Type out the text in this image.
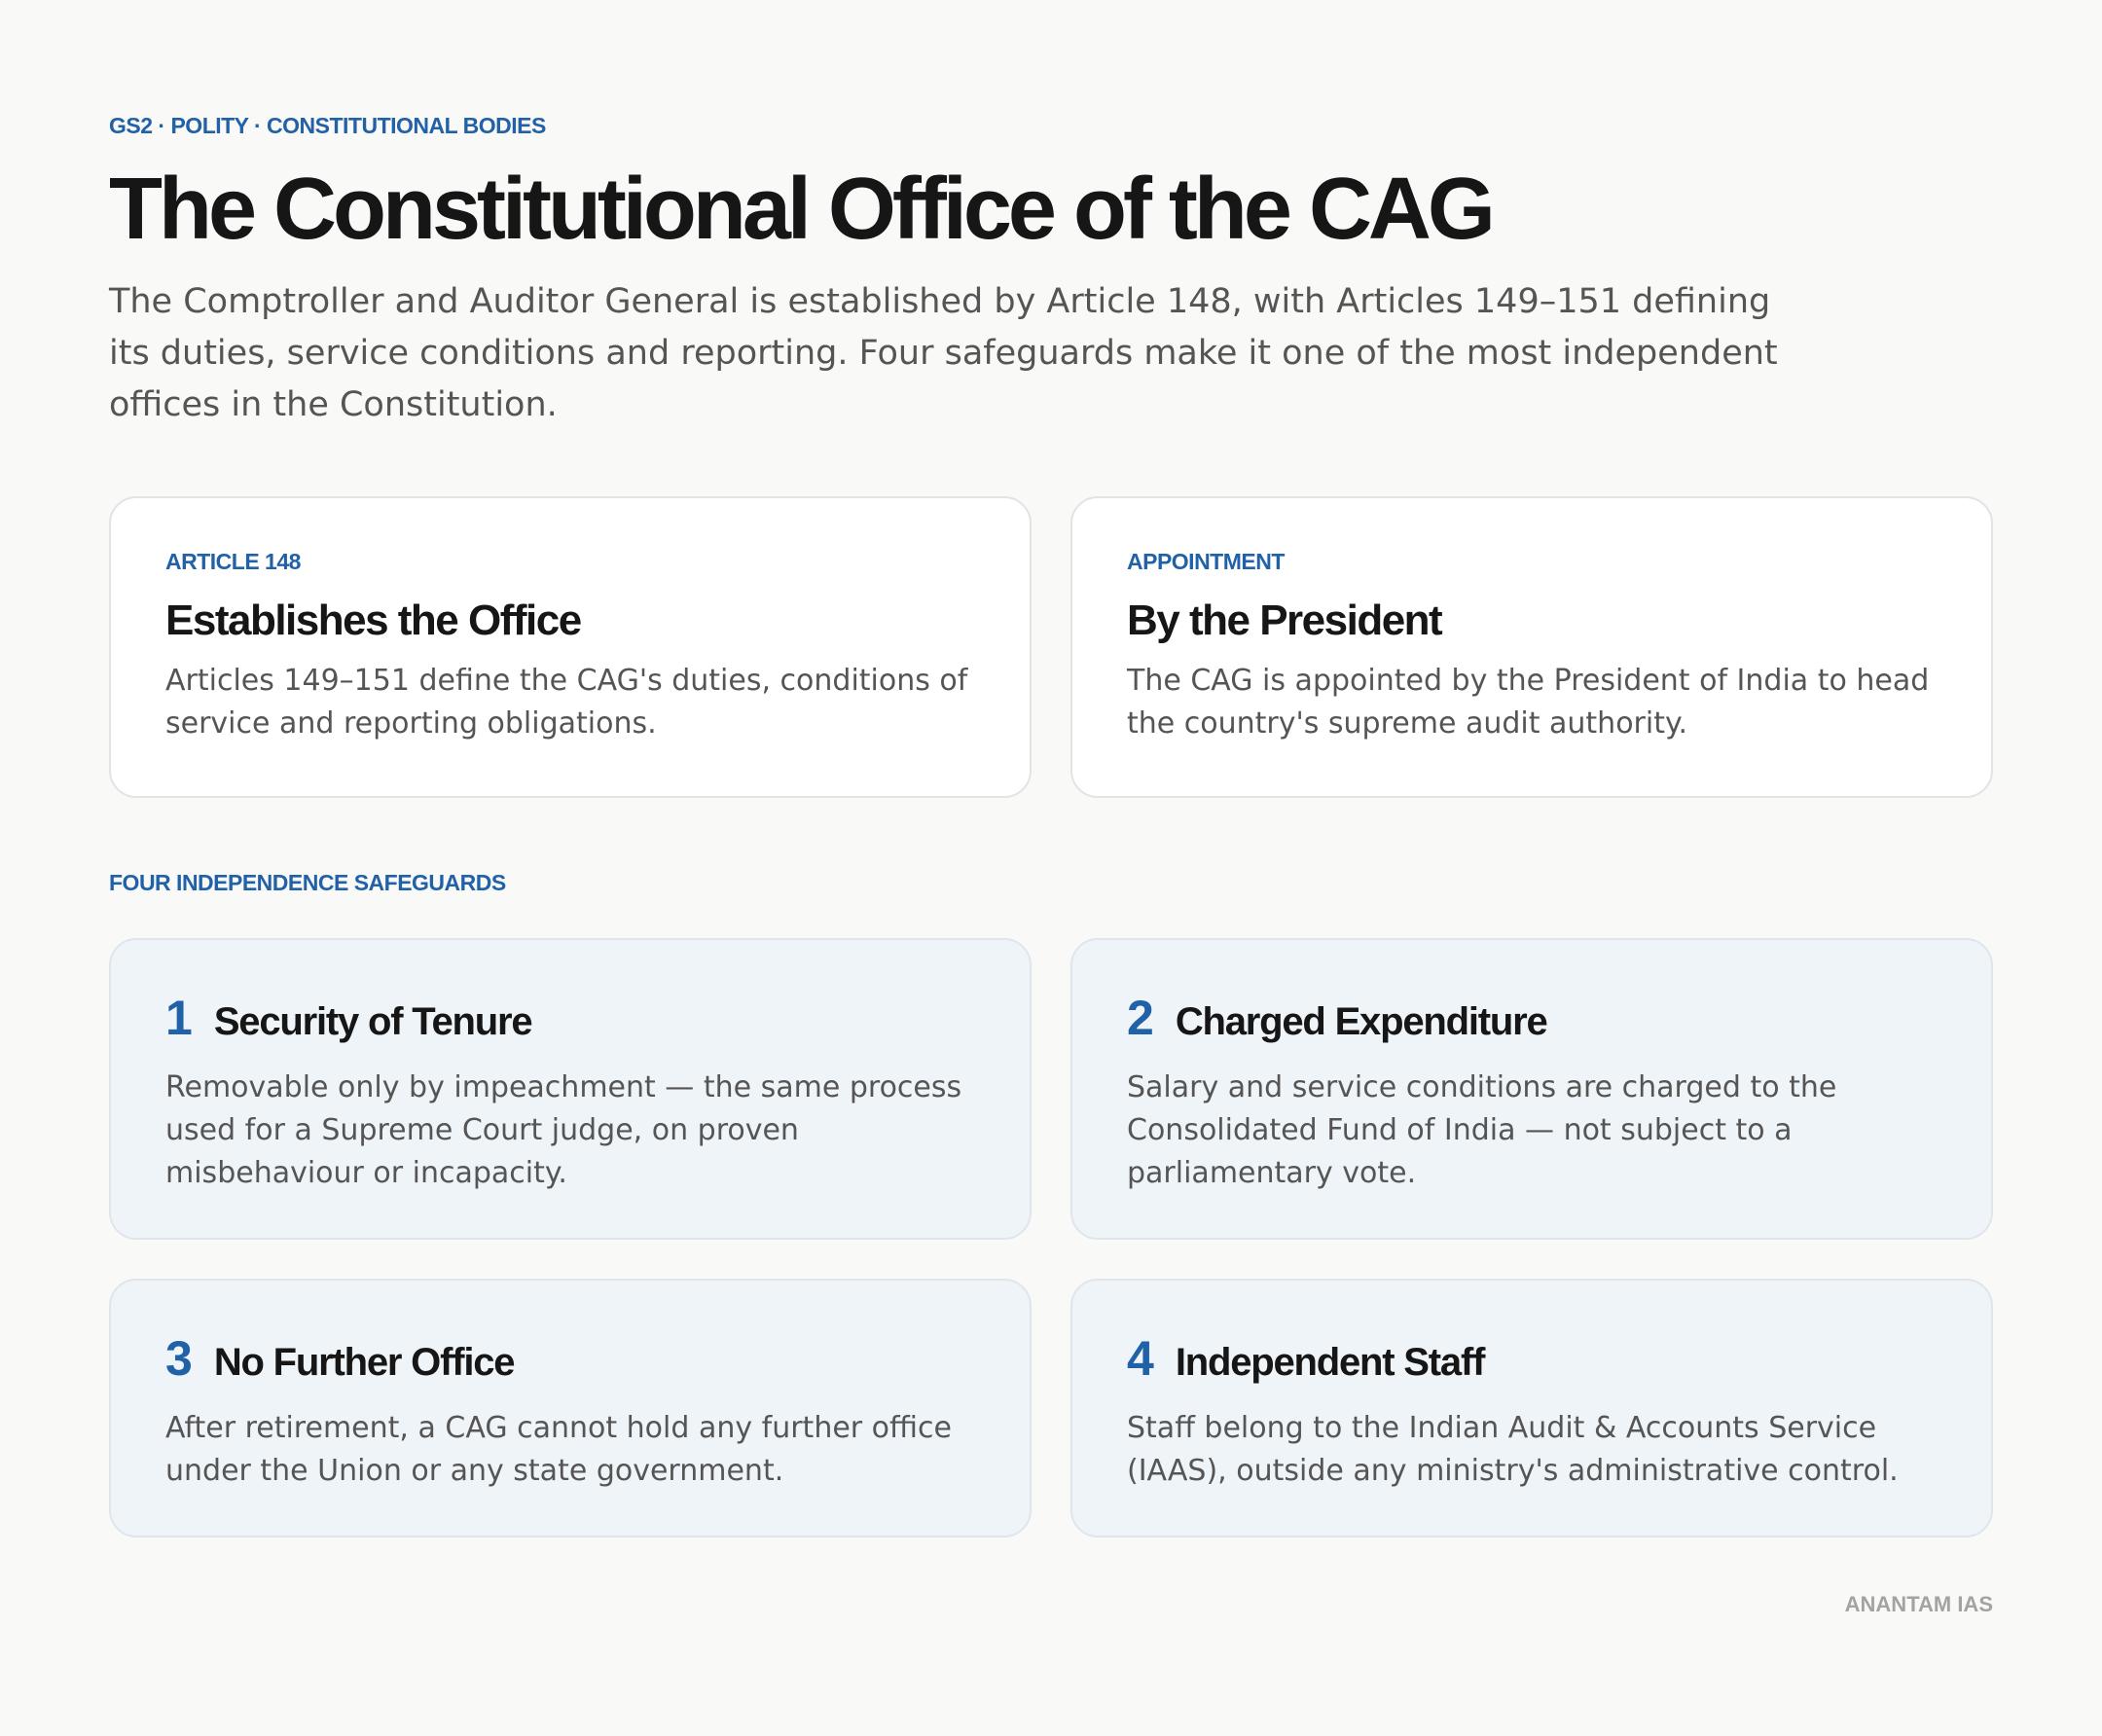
GS2 · POLITY · CONSTITUTIONAL BODIES
The Constitutional Office of the CAG

The Comptroller and Auditor General is established by Article 148, with Articles 149–151 defining its duties, service conditions and reporting. Four safeguards make it one of the most independent offices in the Constitution.

ARTICLE 148
Establishes the Office

Articles 149–151 define the CAG's duties, conditions of service and reporting obligations.

APPOINTMENT
By the President

The CAG is appointed by the President of India to head the country's supreme audit authority.

FOUR INDEPENDENCE SAFEGUARDS
1 Security of Tenure

Removable only by impeachment — the same process used for a Supreme Court judge, on proven misbehaviour or incapacity.

2 Charged Expenditure

Salary and service conditions are charged to the Consolidated Fund of India — not subject to a parliamentary vote.

3 No Further Office

After retirement, a CAG cannot hold any further office under the Union or any state government.

4 Independent Staff

Staff belong to the Indian Audit & Accounts Service (IAAS), outside any ministry's administrative control.

ANANTAM IAS
